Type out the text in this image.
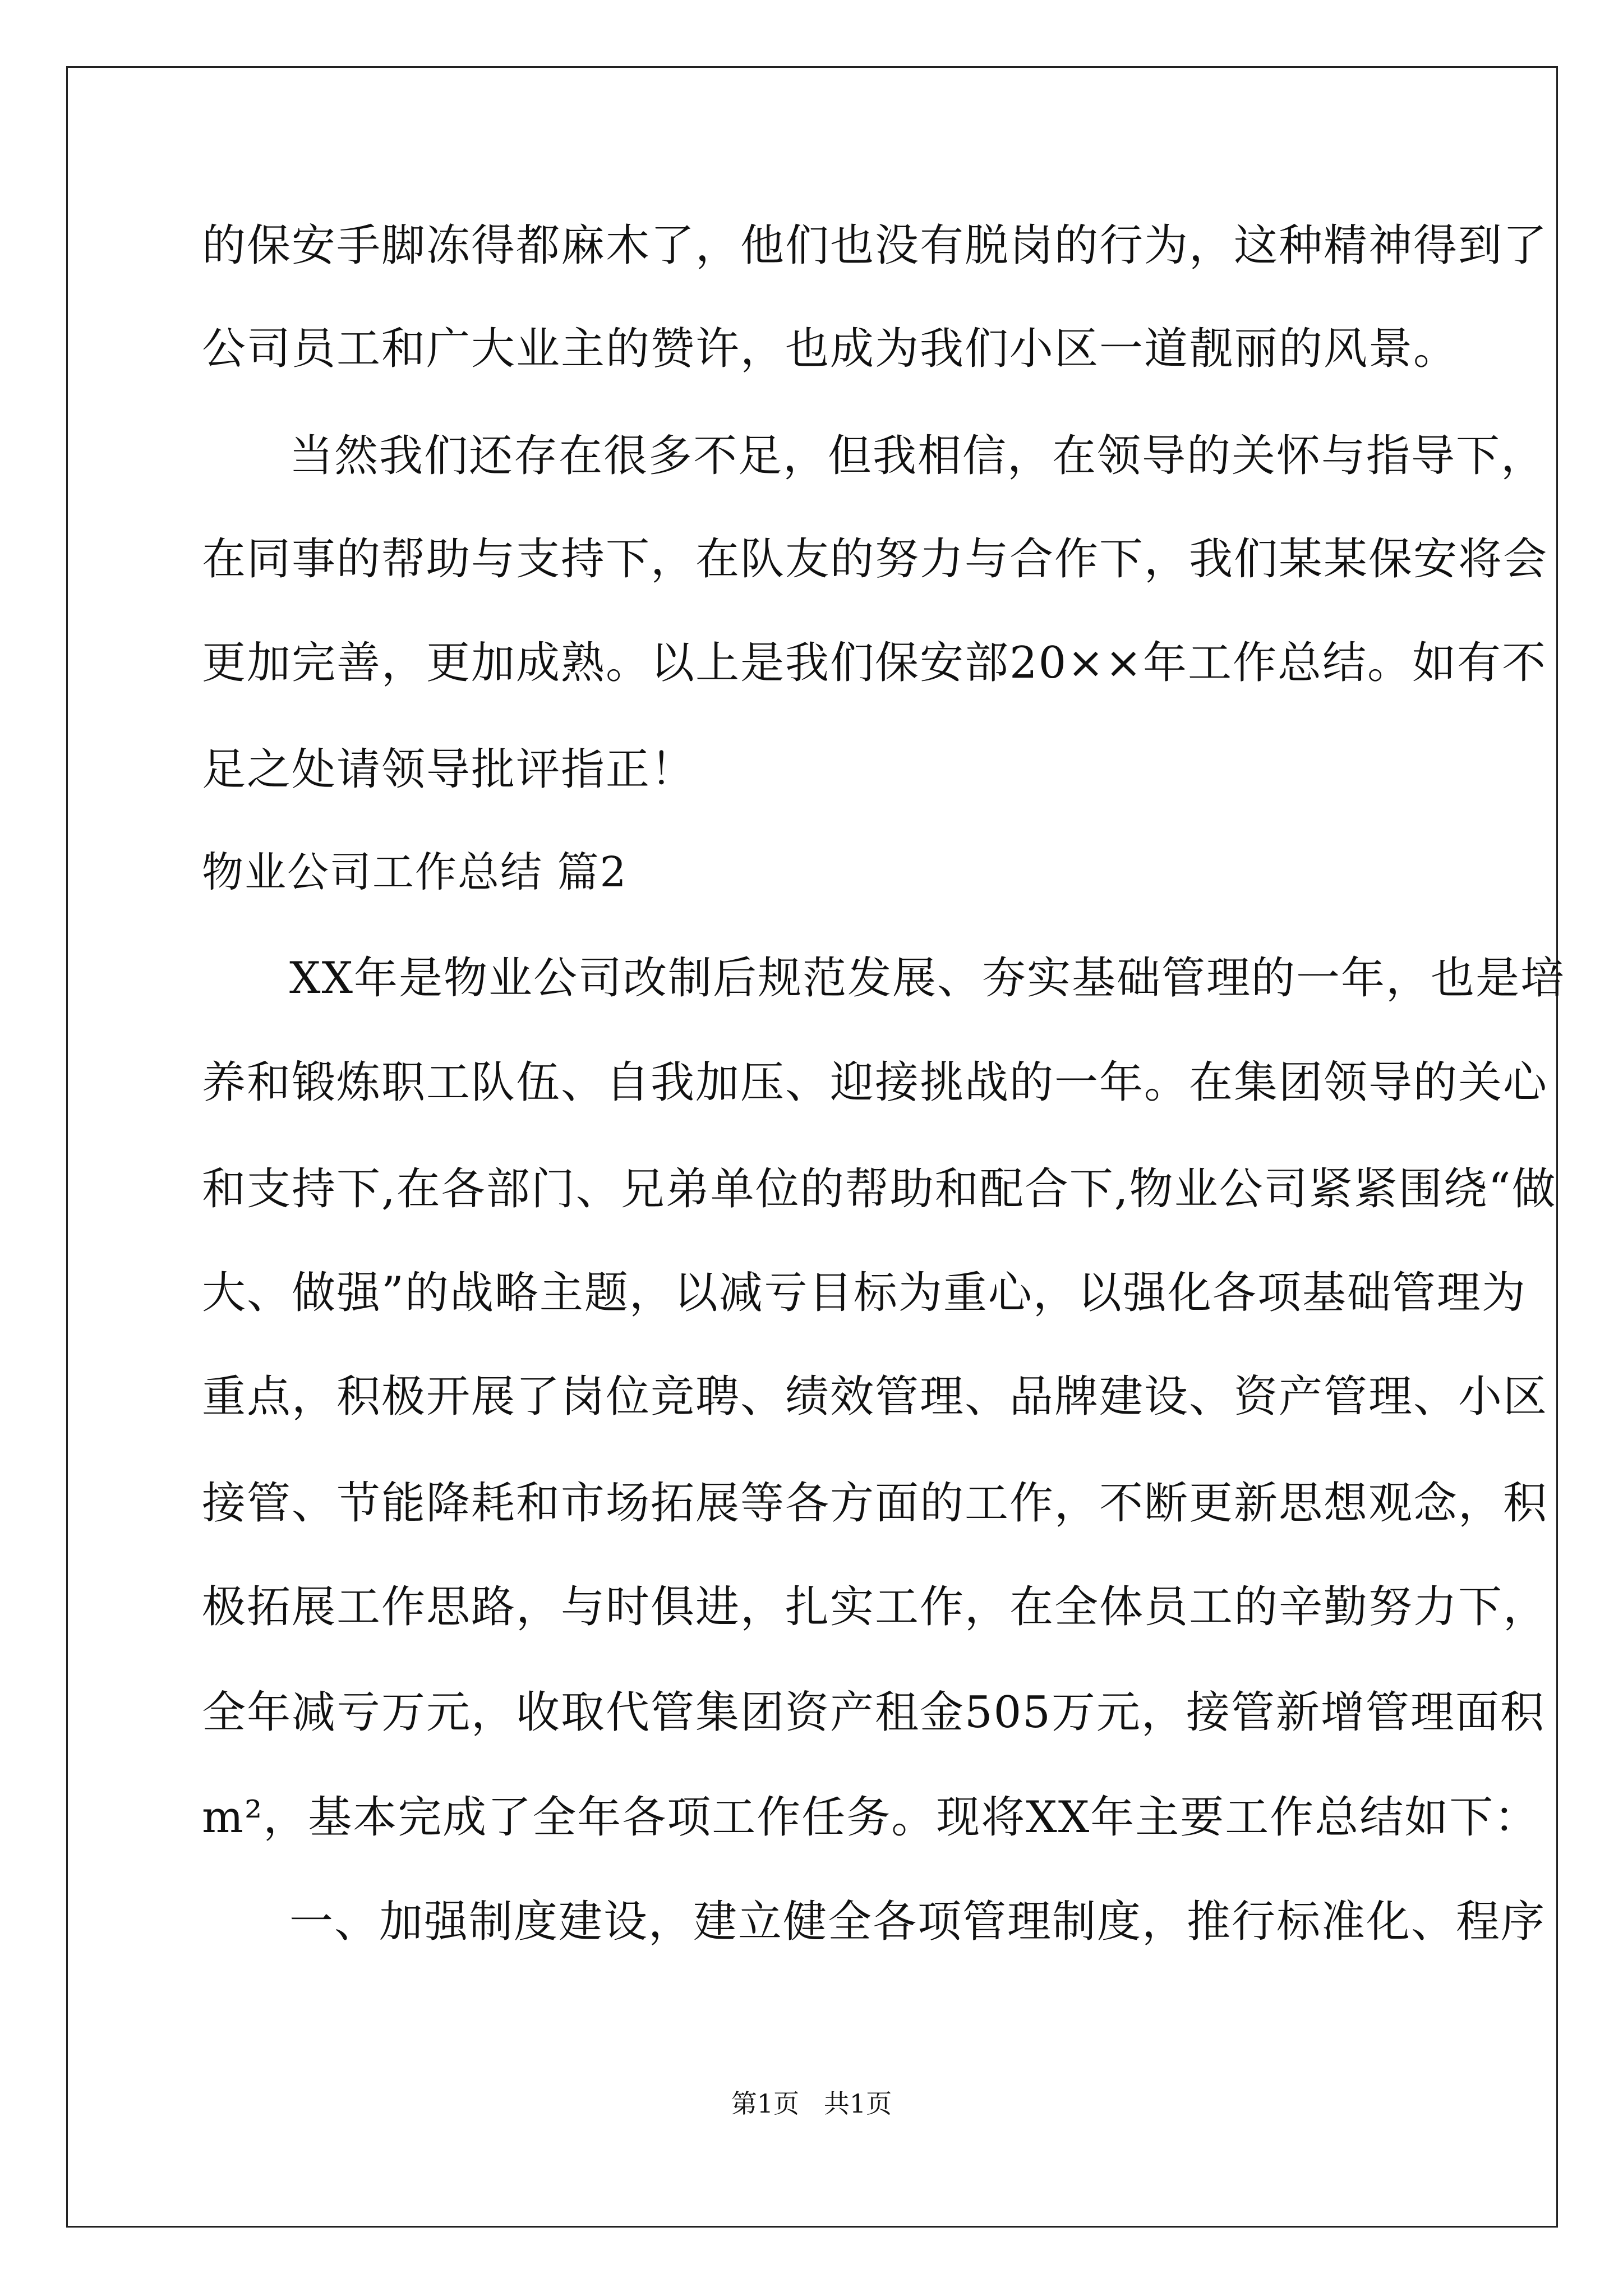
的保安手脚冻得都麻木了，他们也没有脱岗的行为，这种精神得到了
公司员工和广大业主的赞许，也成为我们小区一道靓丽的风景。
当然我们还存在很多不足，但我相信，在领导的关怀与指导下，
在同事的帮助与支持下，在队友的努力与合作下，我们某某保安将会
更加完善，更加成熟。以上是我们保安部20××年工作总结。如有不
足之处请领导批评指正！
物业公司工作总结 篇2
XX年是物业公司改制后规范发展、夯实基础管理的一年，也是培
养和锻炼职工队伍、自我加压、迎接挑战的一年。在集团领导的关心
和支持下,在各部门、兄弟单位的帮助和配合下,物业公司紧紧围绕“做
大、做强”的战略主题，以减亏目标为重心，以强化各项基础管理为
重点，积极开展了岗位竞聘、绩效管理、品牌建设、资产管理、小区
接管、节能降耗和市场拓展等各方面的工作，不断更新思想观念，积
极拓展工作思路，与时俱进，扎实工作，在全体员工的辛勤努力下，
全年减亏万元，收取代管集团资产租金505万元，接管新增管理面积
m²，基本完成了全年各项工作任务。现将XX年主要工作总结如下：
一、加强制度建设，建立健全各项管理制度，推行标准化、程序
第1页   共1页
